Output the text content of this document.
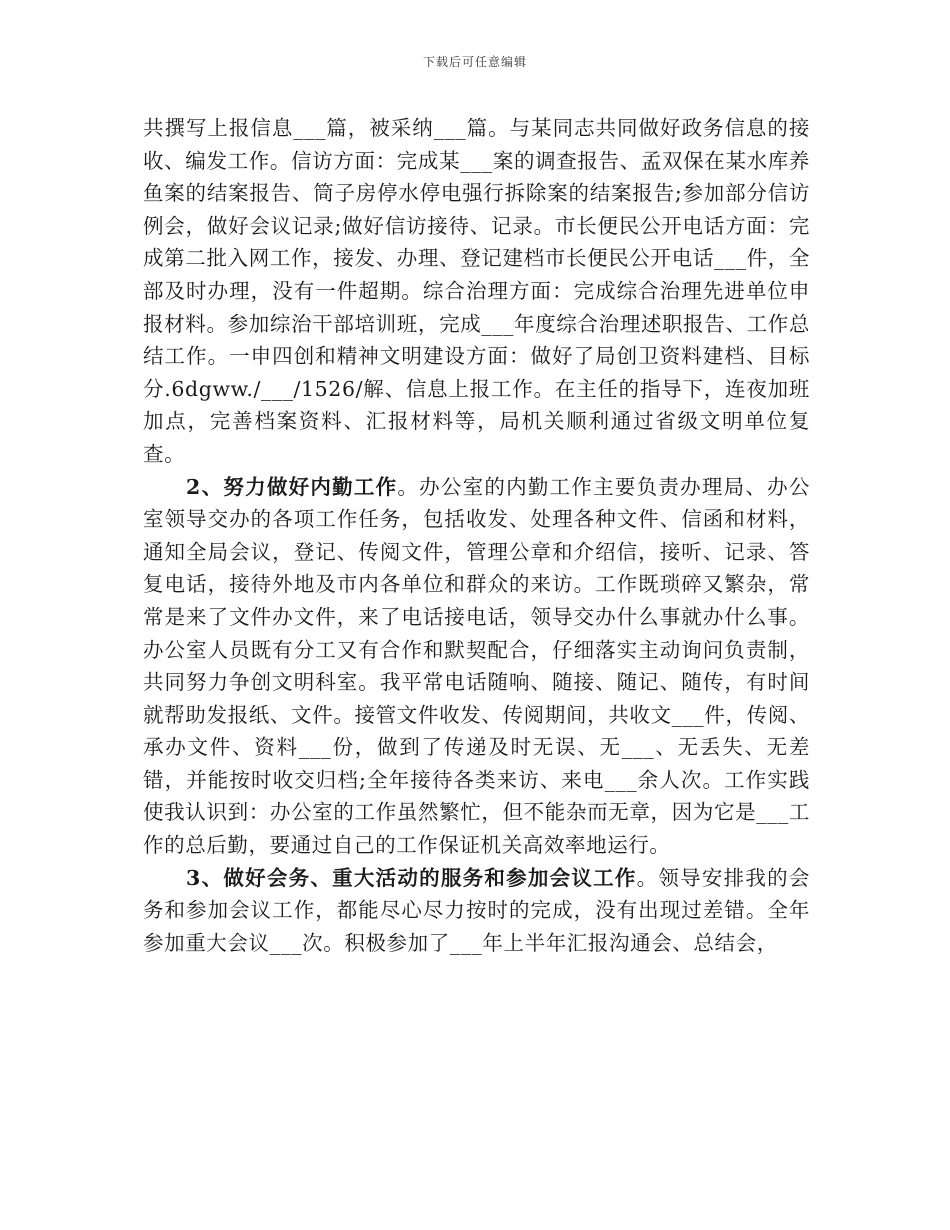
下载后可任意编辑

共撰写上报信息___篇，被采纳___篇。与某同志共同做好政务信息的接收、编发工作。信访方面：完成某___案的调查报告、孟双保在某水库养鱼案的结案报告、筒子房停水停电强行拆除案的结案报告;参加部分信访例会，做好会议记录;做好信访接待、记录。市长便民公开电话方面：完成第二批入网工作，接发、办理、登记建档市长便民公开电话___件，全部及时办理，没有一件超期。综合治理方面：完成综合治理先进单位申报材料。参加综治干部培训班，完成___年度综合治理述职报告、工作总结工作。一申四创和精神文明建设方面：做好了局创卫资料建档、目标分.6dgww./___/1526/解、信息上报工作。在主任的指导下，连夜加班加点，完善档案资料、汇报材料等，局机关顺利通过省级文明单位复查。

2、努力做好内勤工作。办公室的内勤工作主要负责办理局、办公室领导交办的各项工作任务，包括收发、处理各种文件、信函和材料，通知全局会议，登记、传阅文件，管理公章和介绍信，接听、记录、答复电话，接待外地及市内各单位和群众的来访。工作既琐碎又繁杂，常常是来了文件办文件，来了电话接电话，领导交办什么事就办什么事。办公室人员既有分工又有合作和默契配合，仔细落实主动询问负责制，共同努力争创文明科室。我平常电话随响、随接、随记、随传，有时间就帮助发报纸、文件。接管文件收发、传阅期间，共收文___件，传阅、承办文件、资料___份，做到了传递及时无误、无___、无丢失、无差错，并能按时收交归档;全年接待各类来访、来电___余人次。工作实践使我认识到：办公室的工作虽然繁忙，但不能杂而无章，因为它是___工作的总后勤，要通过自己的工作保证机关高效率地运行。

3、做好会务、重大活动的服务和参加会议工作。领导安排我的会务和参加会议工作，都能尽心尽力按时的完成，没有出现过差错。全年参加重大会议___次。积极参加了___年上半年汇报沟通会、总结会，
